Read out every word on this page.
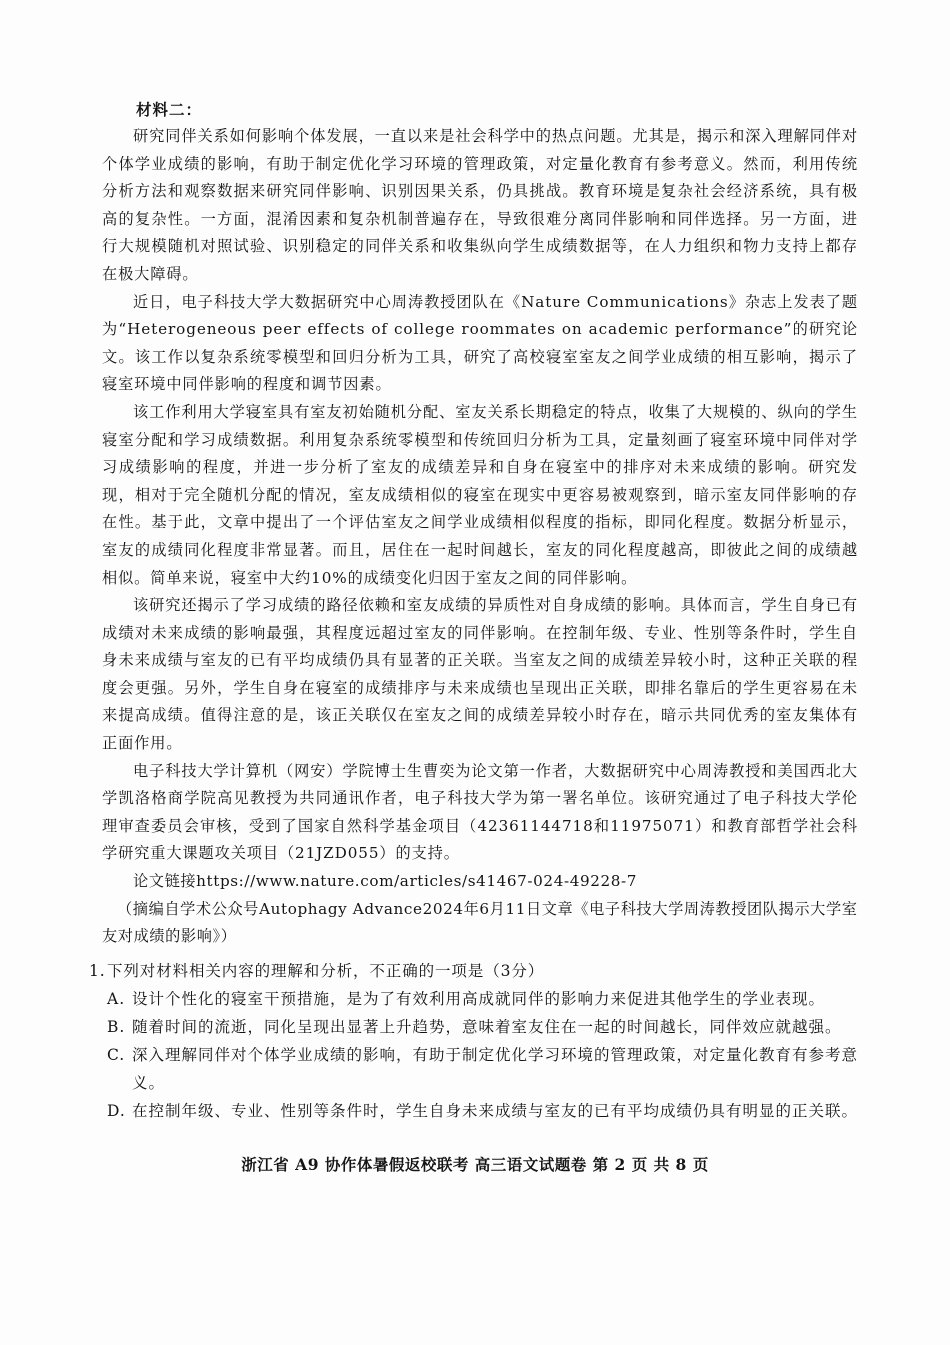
材料二：

研究同伴关系如何影响个体发展，一直以来是社会科学中的热点问题。尤其是，揭示和深入理解同伴对个体学业成绩的影响，有助于制定优化学习环境的管理政策，对定量化教育有参考意义。然而，利用传统分析方法和观察数据来研究同伴影响、识别因果关系，仍具挑战。教育环境是复杂社会经济系统，具有极高的复杂性。一方面，混淆因素和复杂机制普遍存在，导致很难分离同伴影响和同伴选择。另一方面，进行大规模随机对照试验、识别稳定的同伴关系和收集纵向学生成绩数据等，在人力组织和物力支持上都存在极大障碍。

近日，电子科技大学大数据研究中心周涛教授团队在《Nature Communications》杂志上发表了题为“Heterogeneous peer effects of college roommates on academic performance”的研究论文。该工作以复杂系统零模型和回归分析为工具，研究了高校寝室室友之间学业成绩的相互影响，揭示了寝室环境中同伴影响的程度和调节因素。

该工作利用大学寝室具有室友初始随机分配、室友关系长期稳定的特点，收集了大规模的、纵向的学生寝室分配和学习成绩数据。利用复杂系统零模型和传统回归分析为工具，定量刻画了寝室环境中同伴对学习成绩影响的程度，并进一步分析了室友的成绩差异和自身在寝室中的排序对未来成绩的影响。研究发现，相对于完全随机分配的情况，室友成绩相似的寝室在现实中更容易被观察到，暗示室友同伴影响的存在性。基于此，文章中提出了一个评估室友之间学业成绩相似程度的指标，即同化程度。数据分析显示，室友的成绩同化程度非常显著。而且，居住在一起时间越长，室友的同化程度越高，即彼此之间的成绩越相似。简单来说，寝室中大约10%的成绩变化归因于室友之间的同伴影响。

该研究还揭示了学习成绩的路径依赖和室友成绩的异质性对自身成绩的影响。具体而言，学生自身已有成绩对未来成绩的影响最强，其程度远超过室友的同伴影响。在控制年级、专业、性别等条件时，学生自身未来成绩与室友的已有平均成绩仍具有显著的正关联。当室友之间的成绩差异较小时，这种正关联的程度会更强。另外，学生自身在寝室的成绩排序与未来成绩也呈现出正关联，即排名靠后的学生更容易在未来提高成绩。值得注意的是，该正关联仅在室友之间的成绩差异较小时存在，暗示共同优秀的室友集体有正面作用。

电子科技大学计算机（网安）学院博士生曹奕为论文第一作者，大数据研究中心周涛教授和美国西北大学凯洛格商学院高见教授为共同通讯作者，电子科技大学为第一署名单位。该研究通过了电子科技大学伦理审查委员会审核，受到了国家自然科学基金项目（42361144718和11975071）和教育部哲学社会科学研究重大课题攻关项目（21JZD055）的支持。

论文链接https://www.nature.com/articles/s41467-024-49228-7

（摘编自学术公众号Autophagy Advance2024年6月11日文章《电子科技大学周涛教授团队揭示大学室友对成绩的影响》）

1.下列对材料相关内容的理解和分析，不正确的一项是（3分）

A. 设计个性化的寝室干预措施，是为了有效利用高成就同伴的影响力来促进其他学生的学业表现。
B. 随着时间的流逝，同化呈现出显著上升趋势，意味着室友住在一起的时间越长，同伴效应就越强。
C. 深入理解同伴对个体学业成绩的影响，有助于制定优化学习环境的管理政策，对定量化教育有参考意义。
D. 在控制年级、专业、性别等条件时，学生自身未来成绩与室友的已有平均成绩仍具有明显的正关联。
浙江省 A9 协作体暑假返校联考 高三语文试题卷 第 2 页 共 8 页
